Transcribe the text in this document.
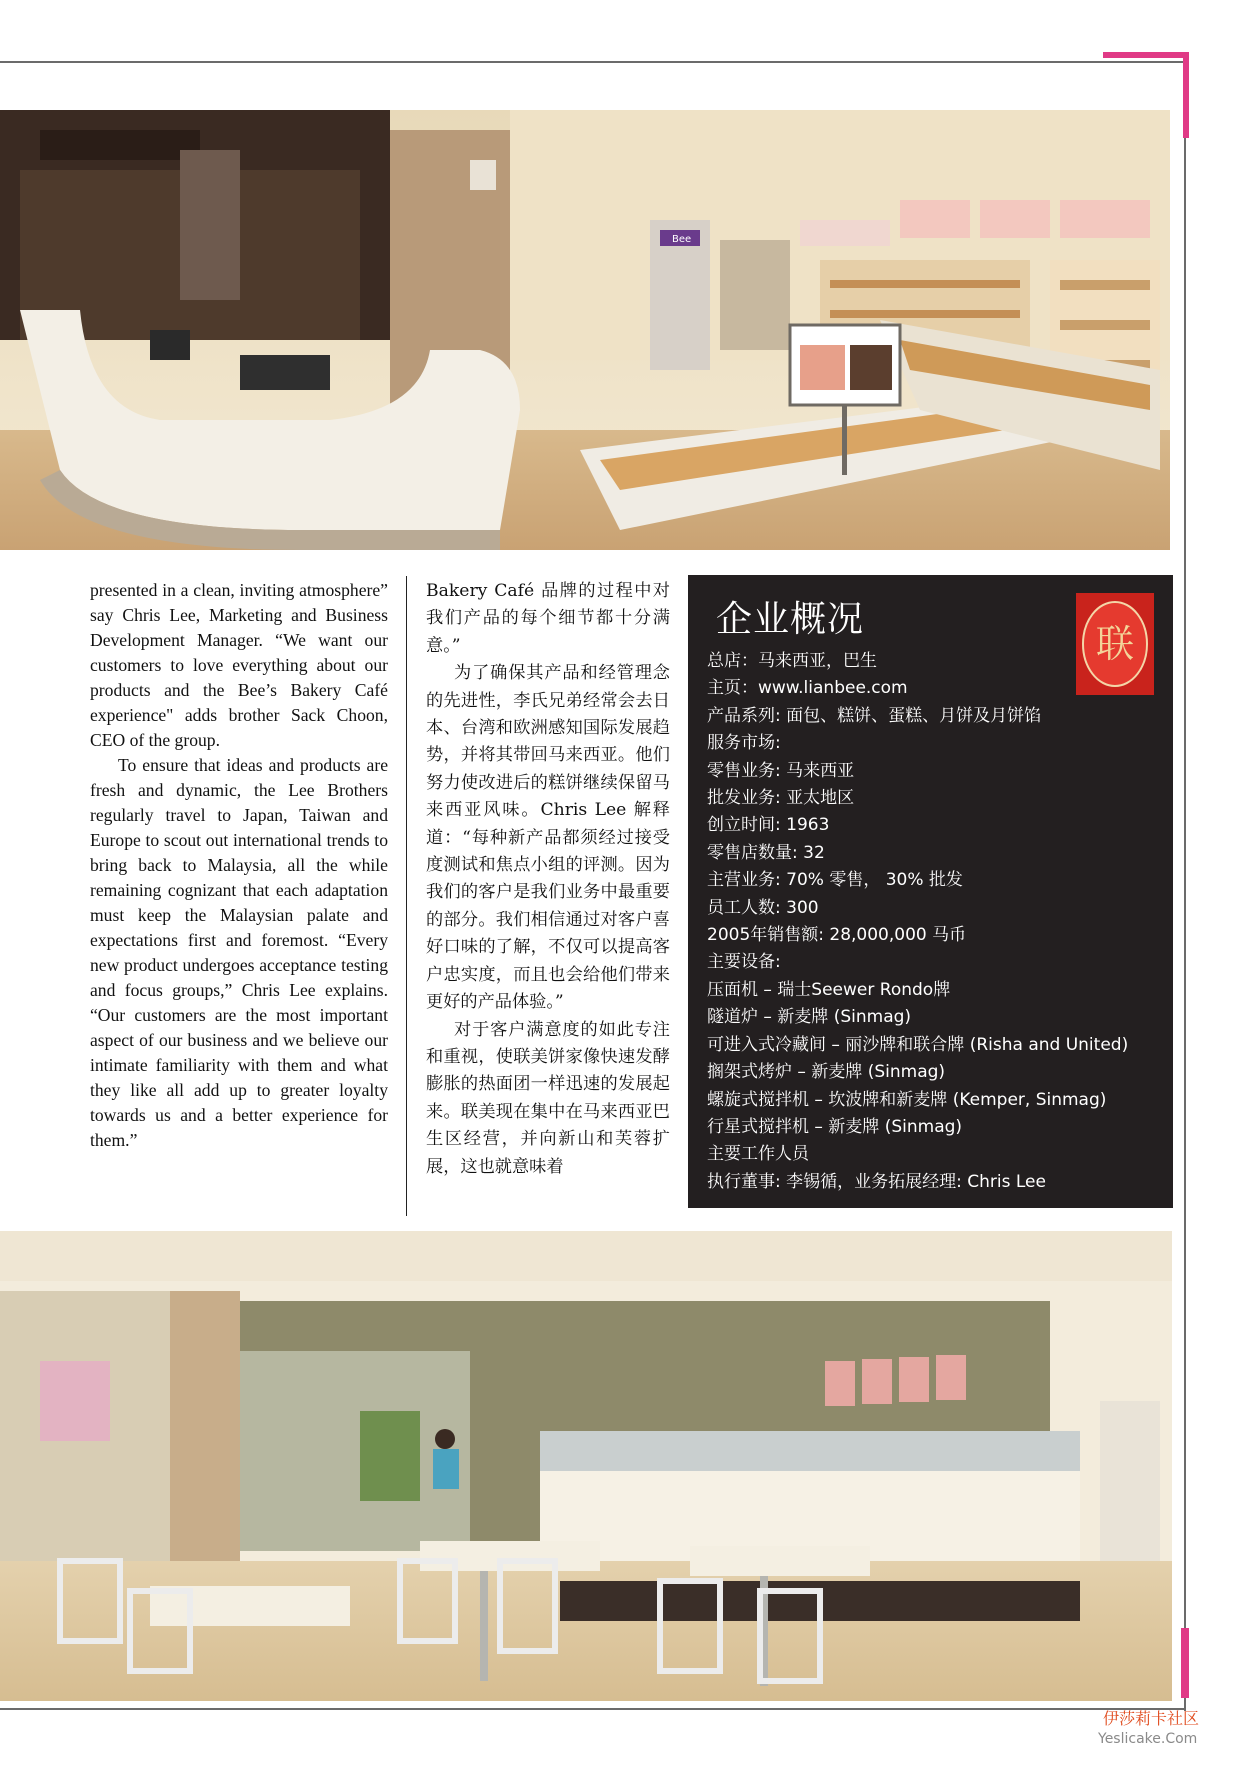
Bee

presented in a clean, inviting atmosphere” say Chris Lee, Marketing and Business Development Manager. “We want our customers to love everything about our products and the Bee’s Bakery Café experience" adds brother Sack Choon, CEO of the group.

To ensure that ideas and products are fresh and dynamic, the Lee Brothers regularly travel to Japan, Taiwan and Europe to scout out international trends to bring back to Malaysia, all the while remaining cognizant that each adaptation must keep the Malaysian palate and expectations first and foremost. “Every new product undergoes acceptance testing and focus groups,” Chris Lee explains. “Our customers are the most important aspect of our business and we believe our intimate familiarity with them and what they like all add up to greater loyalty towards us and a better experience for them.”

Bakery Café 品牌的过程中对我们产品的每个细节都十分满意。”

为了确保其产品和经管理念的先进性，李氏兄弟经常会去日本、台湾和欧洲感知国际发展趋势，并将其带回马来西亚。他们努力使改进后的糕饼继续保留马来西亚风味。Chris Lee 解释道：“每种新产品都须经过接受度测试和焦点小组的评测。因为我们的客户是我们业务中最重要的部分。我们相信通过对客户喜好口味的了解，不仅可以提高客户忠实度，而且也会给他们带来更好的产品体验。”

对于客户满意度的如此专注和重视，使联美饼家像快速发酵膨胀的热面团一样迅速的发展起来。联美现在集中在马来西亚巴生区经营，并向新山和芙蓉扩展，这也就意味着

企业概况
联
总店：马来西亚，巴生
主页：www.lianbee.com
产品系列: 面包、糕饼、蛋糕、月饼及月饼馅
服务市场:
零售业务: 马来西亚
批发业务: 亚太地区
创立时间: 1963
零售店数量: 32
主营业务: 70% 零售， 30% 批发
员工人数: 300
2005年销售额: 28,000,000 马币
主要设备:
压面机 – 瑞士Seewer Rondo牌
隧道炉 – 新麦牌 (Sinmag)
可进入式冷藏间 – 丽沙牌和联合牌 (Risha and United)
搁架式烤炉 – 新麦牌 (Sinmag)
螺旋式搅拌机 – 坎波牌和新麦牌 (Kemper, Sinmag)
行星式搅拌机 – 新麦牌 (Sinmag)
主要工作人员
执行董事: 李锡循，业务拓展经理: Chris Lee
伊莎莉卡社区
Yeslicake.Com
